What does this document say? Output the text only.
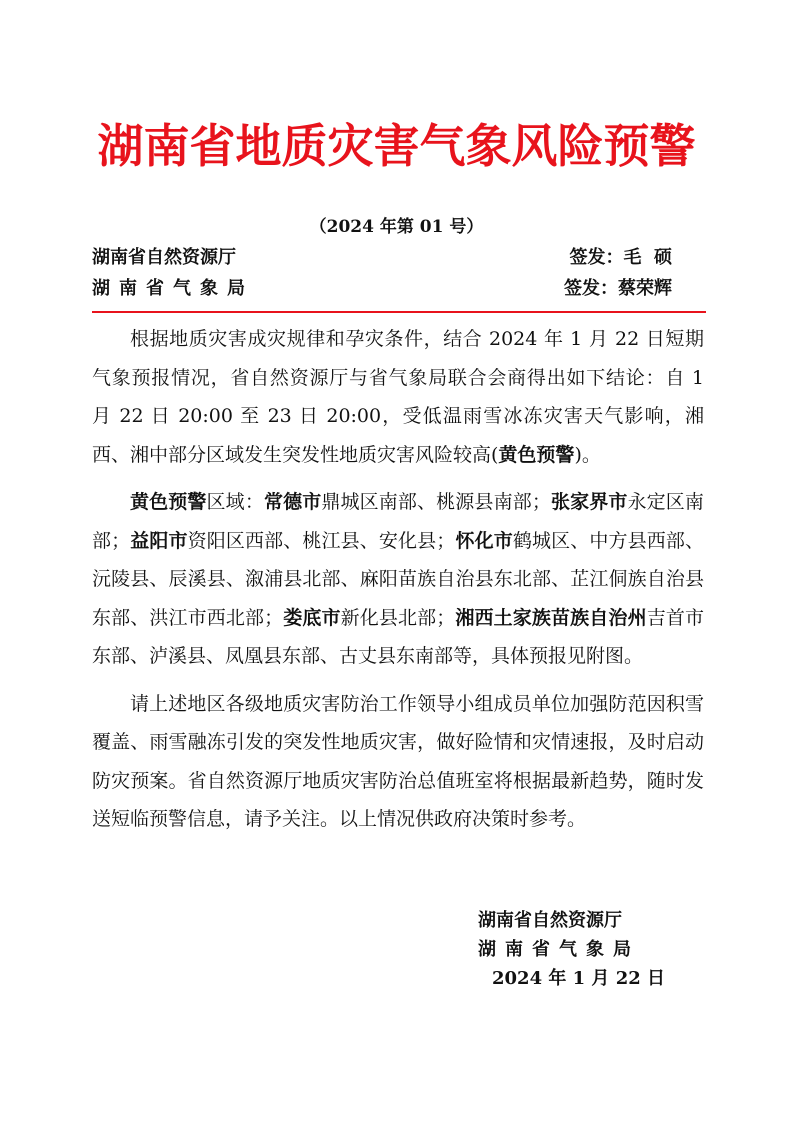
湖南省地质灾害气象风险预警
（2024 年第 01 号）
湖南省自然资源厅	签发：毛  硕
湖南省气象局	签发：蔡荣辉

根据地质灾害成灾规律和孕灾条件，结合 2024 年 1 月 22 日短期气象预报情况，省自然资源厅与省气象局联合会商得出如下结论：自 1 月 22 日 20:00 至 23 日 20:00，受低温雨雪冰冻灾害天气影响，湘西、湘中部分区域发生突发性地质灾害风险较高(黄色预警)。

黄色预警区域：常德市鼎城区南部、桃源县南部；张家界市永定区南部；益阳市资阳区西部、桃江县、安化县；怀化市鹤城区、中方县西部、沅陵县、辰溪县、溆浦县北部、麻阳苗族自治县东北部、芷江侗族自治县东部、洪江市西北部；娄底市新化县北部；湘西土家族苗族自治州吉首市东部、泸溪县、凤凰县东部、古丈县东南部等，具体预报见附图。

请上述地区各级地质灾害防治工作领导小组成员单位加强防范因积雪覆盖、雨雪融冻引发的突发性地质灾害，做好险情和灾情速报，及时启动防灾预案。省自然资源厅地质灾害防治总值班室将根据最新趋势，随时发送短临预警信息，请予关注。以上情况供政府决策时参考。

湖南省自然资源厅
湖南省气象局
2024 年 1 月 22 日
